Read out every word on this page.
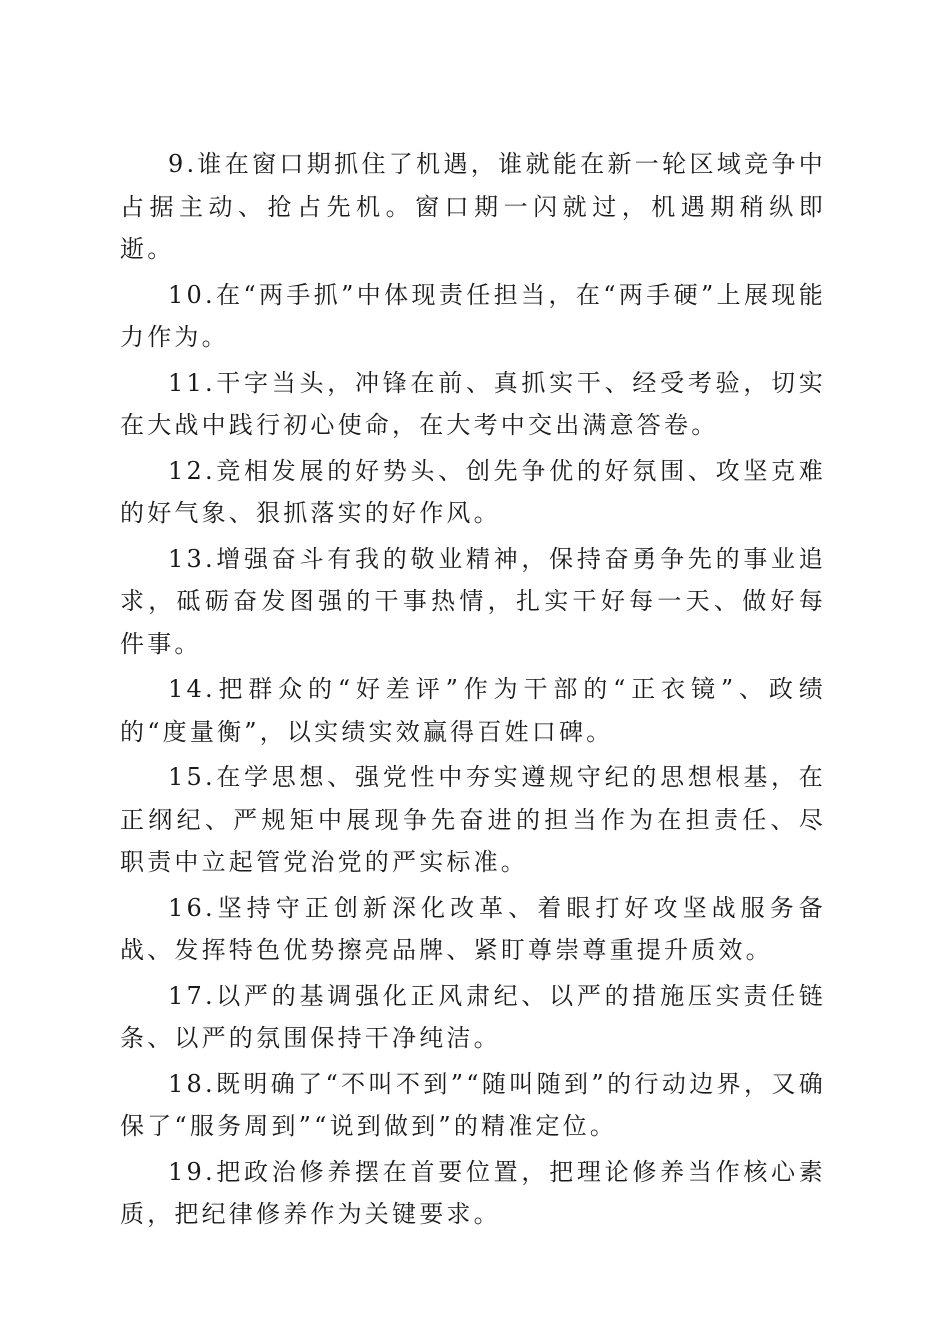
9.谁在窗口期抓住了机遇，谁就能在新一轮区域竞争中占据主动、抢占先机。窗口期一闪就过，机遇期稍纵即逝。

10.在“两手抓”中体现责任担当，在“两手硬”上展现能力作为。

11.干字当头，冲锋在前、真抓实干、经受考验，切实在大战中践行初心使命，在大考中交出满意答卷。

12.竞相发展的好势头、创先争优的好氛围、攻坚克难的好气象、狠抓落实的好作风。

13.增强奋斗有我的敬业精神，保持奋勇争先的事业追求，砥砺奋发图强的干事热情，扎实干好每一天、做好每件事。

14.把群众的“好差评”作为干部的“正衣镜”、政绩的“度量衡”，以实绩实效赢得百姓口碑。

15.在学思想、强党性中夯实遵规守纪的思想根基，在正纲纪、严规矩中展现争先奋进的担当作为在担责任、尽职责中立起管党治党的严实标准。

16.坚持守正创新深化改革、着眼打好攻坚战服务备战、发挥特色优势擦亮品牌、紧盯尊崇尊重提升质效。

17.以严的基调强化正风肃纪、以严的措施压实责任链条、以严的氛围保持干净纯洁。

18.既明确了“不叫不到”“随叫随到”的行动边界，又确保了“服务周到”“说到做到”的精准定位。

19.把政治修养摆在首要位置，把理论修养当作核心素质，把纪律修养作为关键要求。
